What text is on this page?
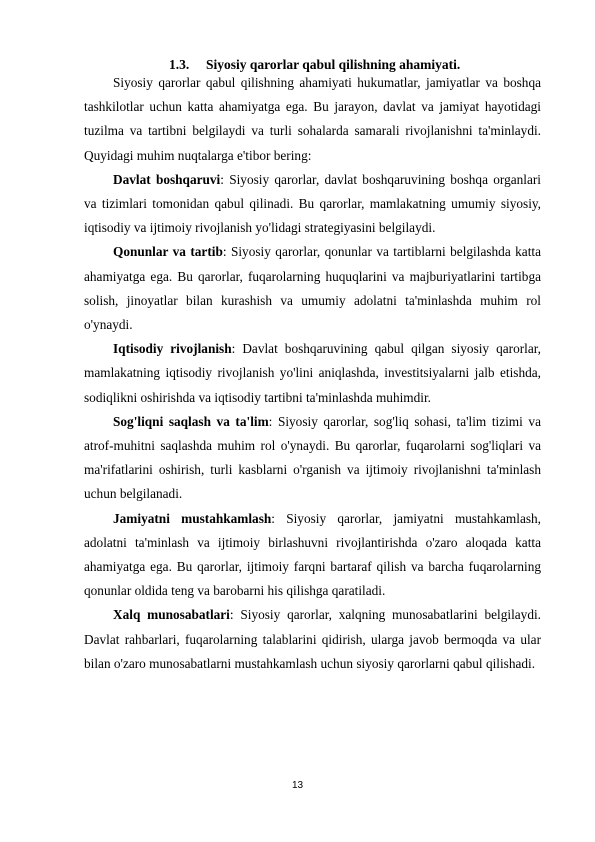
1.3. Siyosiy qarorlar qabul qilishning ahamiyati.

Siyosiy qarorlar qabul qilishning ahamiyati hukumatlar, jamiyatlar va boshqa tashkilotlar uchun katta ahamiyatga ega. Bu jarayon, davlat va jamiyat hayotidagi tuzilma va tartibni belgilaydi va turli sohalarda samarali rivojlanishni ta'minlaydi. Quyidagi muhim nuqtalarga e'tibor bering:

Davlat boshqaruvi: Siyosiy qarorlar, davlat boshqaruvining boshqa organlari va tizimlari tomonidan qabul qilinadi. Bu qarorlar, mamlakatning umumiy siyosiy, iqtisodiy va ijtimoiy rivojlanish yo'lidagi strategiyasini belgilaydi.

Qonunlar va tartib: Siyosiy qarorlar, qonunlar va tartiblarni belgilashda katta ahamiyatga ega. Bu qarorlar, fuqarolarning huquqlarini va majburiyatlarini tartibga solish, jinoyatlar bilan kurashish va umumiy adolatni ta'minlashda muhim rol o'ynaydi.

Iqtisodiy rivojlanish: Davlat boshqaruvining qabul qilgan siyosiy qarorlar, mamlakatning iqtisodiy rivojlanish yo'lini aniqlashda, investitsiyalarni jalb etishda, sodiqlikni oshirishda va iqtisodiy tartibni ta'minlashda muhimdir.

Sog'liqni saqlash va ta'lim: Siyosiy qarorlar, sog'liq sohasi, ta'lim tizimi va atrof-muhitni saqlashda muhim rol o'ynaydi. Bu qarorlar, fuqarolarni sog'liqlari va ma'rifatlarini oshirish, turli kasblarni o'rganish va ijtimoiy rivojlanishni ta'minlash uchun belgilanadi.

Jamiyatni mustahkamlash: Siyosiy qarorlar, jamiyatni mustahkamlash, adolatni ta'minlash va ijtimoiy birlashuvni rivojlantirishda o'zaro aloqada katta ahamiyatga ega. Bu qarorlar, ijtimoiy farqni bartaraf qilish va barcha fuqarolarning qonunlar oldida teng va barobarni his qilishga qaratiladi.

Xalq munosabatlari: Siyosiy qarorlar, xalqning munosabatlarini belgilaydi. Davlat rahbarlari, fuqarolarning talablarini qidirish, ularga javob bermoqda va ular bilan o'zaro munosabatlarni mustahkamlash uchun siyosiy qarorlarni qabul qilishadi.

13
